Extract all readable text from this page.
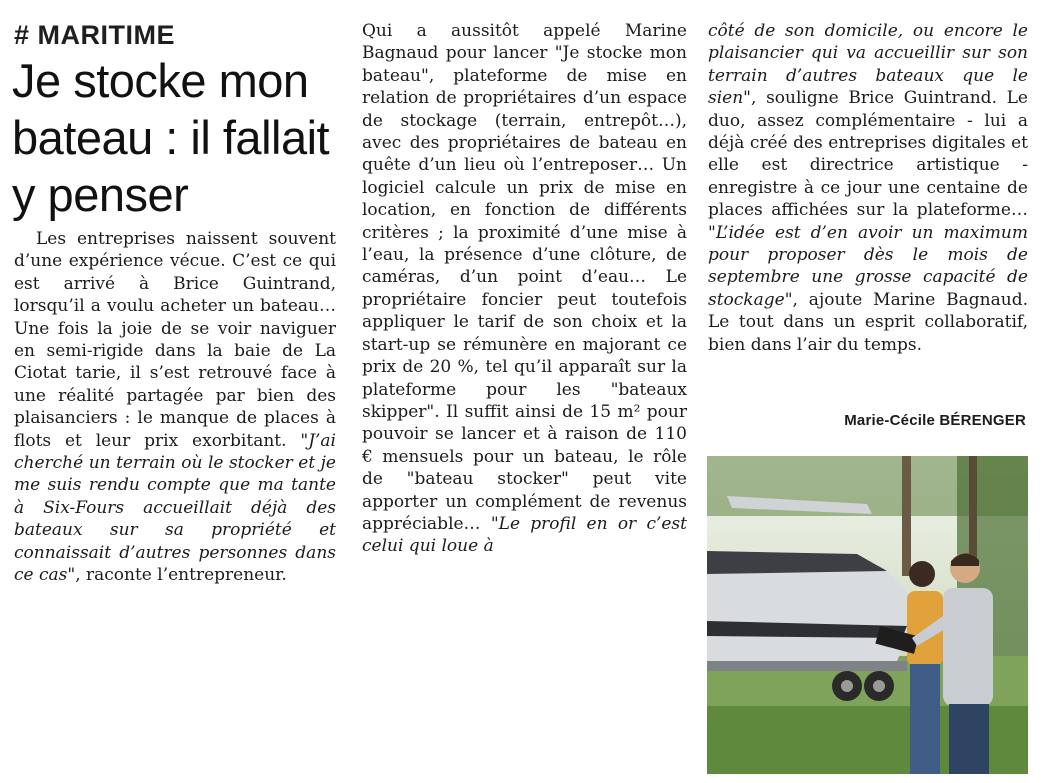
# MARITIME
Je stocke mon bateau : il fallait y penser

Les entreprises naissent souvent d’une expérience vécue. C’est ce qui est arrivé à Brice Guintrand, lorsqu’il a voulu acheter un bateau… Une fois la joie de se voir naviguer en semi-rigide dans la baie de La Ciotat tarie, il s’est retrouvé face à une réalité partagée par bien des plaisanciers : le manque de places à flots et leur prix exorbitant. "J’ai cherché un terrain où le stocker et je me suis rendu compte que ma tante à Six-Fours accueillait déjà des bateaux sur sa propriété et connaissait d’autres personnes dans ce cas", raconte l’entrepreneur.

Qui a aussitôt appelé Marine Bagnaud pour lancer "Je stocke mon bateau", plateforme de mise en relation de propriétaires d’un espace de stockage (terrain, entrepôt…), avec des propriétaires de bateau en quête d’un lieu où l’entreposer… Un logiciel calcule un prix de mise en location, en fonction de différents critères ; la proximité d’une mise à l’eau, la présence d’une clôture, de caméras, d’un point d’eau… Le propriétaire foncier peut toutefois appliquer le tarif de son choix et la start-up se rémunère en majorant ce prix de 20 %, tel qu’il apparaît sur la plateforme pour les "bateaux skipper". Il suffit ainsi de 15 m² pour pouvoir se lancer et à raison de 110 € mensuels pour un bateau, le rôle de "bateau stocker" peut vite apporter un complément de revenus appréciable… "Le profil en or c’est celui qui loue à

côté de son domicile, ou encore le plaisancier qui va accueillir sur son terrain d’autres bateaux que le sien", souligne Brice Guintrand. Le duo, assez complémentaire - lui a déjà créé des entreprises digitales et elle est directrice artistique - enregistre à ce jour une centaine de places affichées sur la plateforme… "L’idée est d’en avoir un maximum pour proposer dès le mois de septembre une grosse capacité de stockage", ajoute Marine Bagnaud. Le tout dans un esprit collaboratif, bien dans l’air du temps.

Marie-Cécile BÉRENGER
